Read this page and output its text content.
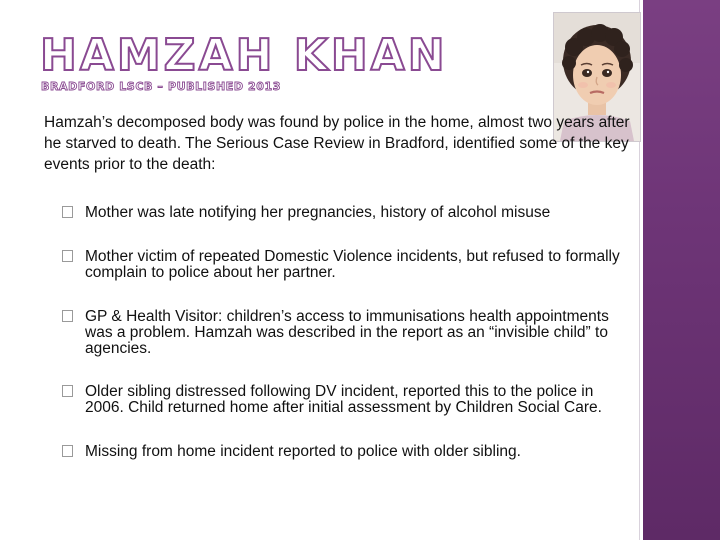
HAMZAH KHAN
BRADFORD LSCB – PUBLISHED 2013
Hamzah’s decomposed body was found by police in the home, almost two years after he starved to death. The Serious Case Review in Bradford, identified some of the key events prior to the death:
Mother was late notifying her pregnancies, history of alcohol misuse
Mother victim of repeated Domestic Violence incidents, but refused to formally complain to police about her partner.
GP & Health Visitor: children’s access to immunisations health appointments was a problem. Hamzah was described in the report as an “invisible child” to agencies.
Older sibling distressed following DV incident, reported this to the police in 2006. Child returned home after initial assessment by Children Social Care.
Missing from home incident reported to police with older sibling.
